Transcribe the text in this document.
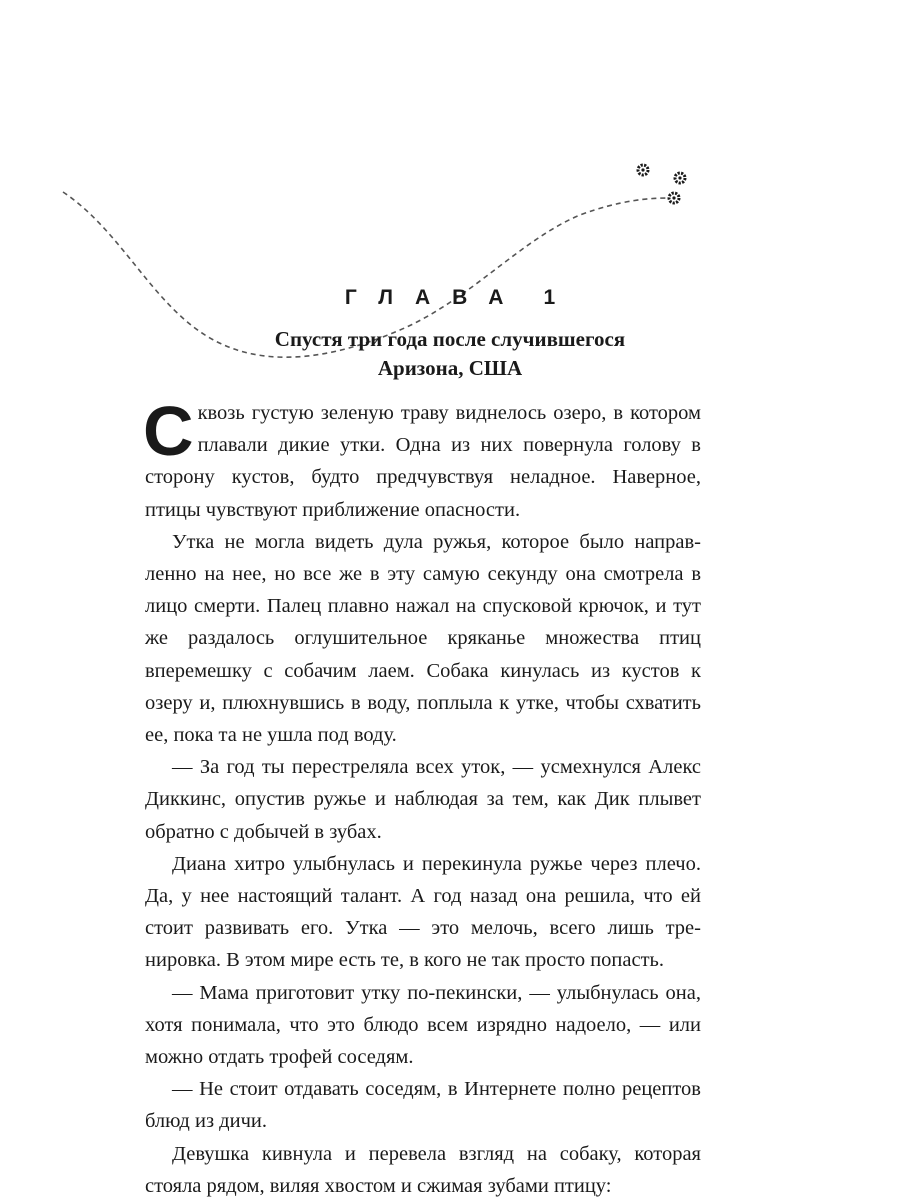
ГЛАВА 1

Спустя три года после случившегося

Аризона, США

Сквозь густую зеленую траву виднелось озеро, в котором плавали дикие утки. Одна из них повернула голову в сторону кустов, будто предчувствуя неладное. Наверное, птицы чувствуют приближение опасности.

Утка не могла видеть дула ружья, которое было направленно на нее, но все же в эту самую секунду она смотрела в лицо смерти. Палец плавно нажал на спусковой крючок, и тут же раздалось оглушительное кряканье множества птиц вперемешку с собачим лаем. Собака кинулась из кустов к озеру и, плюхнувшись в воду, поплыла к утке, чтобы схватить ее, пока та не ушла под воду.

— За год ты перестреляла всех уток, — усмехнулся Алекс Диккинс, опустив ружье и наблюдая за тем, как Дик плывет обратно с добычей в зубах.

Диана хитро улыбнулась и перекинула ружье через плечо. Да, у нее настоящий талант. А год назад она решила, что ей стоит развивать его. Утка — это мелочь, всего лишь тренировка. В этом мире есть те, в кого не так просто попасть.

— Мама приготовит утку по-пекински, — улыбнулась она, хотя понимала, что это блюдо всем изрядно надоело, — или можно отдать трофей соседям.

— Не стоит отдавать соседям, в Интернете полно рецептов блюд из дичи.

Девушка кивнула и перевела взгляд на собаку, которая стояла рядом, виляя хвостом и сжимая зубами птицу:
